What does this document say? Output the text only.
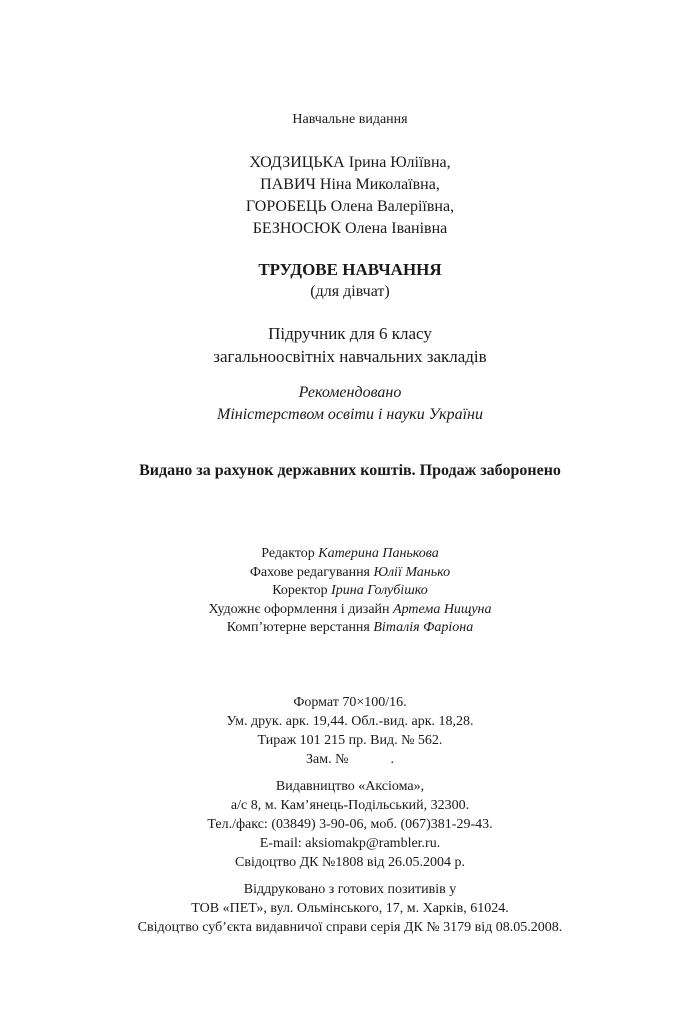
Навчальне видання
ХОДЗИЦЬКА Ірина Юліївна,
ПАВИЧ Ніна Миколаївна,
ГОРОБЕЦЬ Олена Валеріївна,
БЕЗНОСЮК Олена Іванівна
ТРУДОВЕ НАВЧАННЯ
(для дівчат)
Підручник для 6 класу
загальноосвітніх навчальних закладів
Рекомендовано
Міністерством освіти і науки України
Видано за рахунок державних коштів. Продаж заборонено
Редактор Катерина Панькова
Фахове редагування Юлії Манько
Коректор Ірина Голубішко
Художнє оформлення і дизайн Артема Нищуна
Комп’ютерне верстання Віталія Фаріона
Формат 70×100/16.
Ум. друк. арк. 19,44. Обл.-вид. арк. 18,28.
Тираж 101 215 пр. Вид. № 562.
Зам. №            .
Видавництво «Аксіома»,
а/с 8, м. Кам’янець-Подільський, 32300.
Тел./факс: (03849) 3-90-06, моб. (067)381-29-43.
E-mail: aksiomakp@rambler.ru.
Свідоцтво ДК №1808 від 26.05.2004 р.
Віддруковано з готових позитивів у
ТОВ «ПЕТ», вул. Ольмінського, 17, м. Харків, 61024.
Свідоцтво суб’єкта видавничої справи серія ДК № 3179 від 08.05.2008.
